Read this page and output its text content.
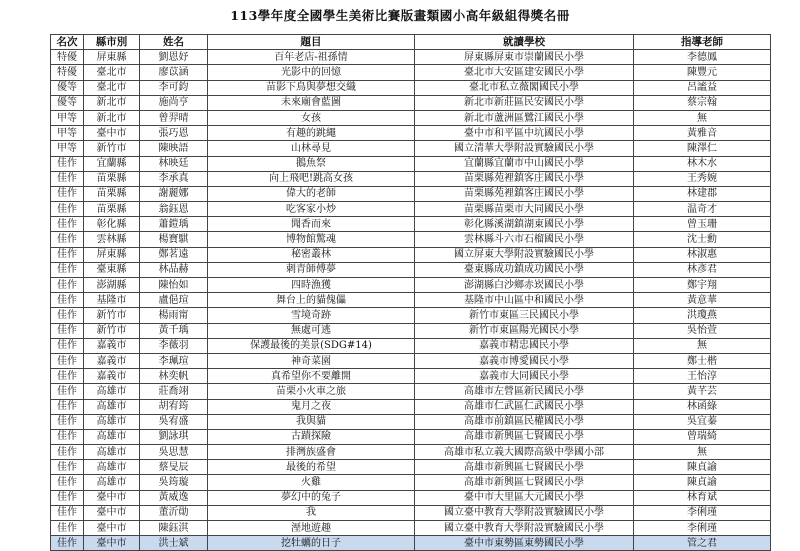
113學年度全國學生美術比賽版畫類國小高年級組得獎名冊
名次	縣市別	姓名	題目	就讀學校	指導老師
特優	屏東縣	劉恩妤	百年老店-祖孫情	屏東縣屏東市崇蘭國民小學	李德鳳
特優	臺北市	廖苡涵	光影中的回憶	臺北市大安區建安國民小學	陳豐元
優等	臺北市	李可鈞	苗影下鳥與夢想交織	臺北市私立薇閣國民小學	呂謐益
優等	新北市	施尚亨	未來廟會藍圖	新北市新莊區民安國民小學	蔡宗翰
甲等	新北市	曾羿晴	女孩	新北市蘆洲區鷺江國民小學	無
甲等	臺中市	張巧恩	有趣的跳繩	臺中市和平區中坑國民小學	黃雅音
甲等	新竹市	陳映語	山林尋見	國立清華大學附設實驗國民小學	陳澤仁
佳作	宜蘭縣	林映廷	鵝魚祭	宜蘭縣宜蘭市中山國民小學	林木水
佳作	苗栗縣	李承真	向上飛吧!跳高女孩	苗栗縣苑裡鎮客庄國民小學	王秀婉
佳作	苗栗縣	謝麗娜	偉大的老師	苗栗縣苑裡鎮客庄國民小學	林建郡
佳作	苗栗縣	翁鈺恩	吃客家小炒	苗栗縣苗栗市大同國民小學	温奇才
佳作	彰化縣	蕭鎧瑀	聞香而來	彰化縣溪湖鎮湖東國民小學	曾玉珊
佳作	雲林縣	楊寶騏	博物館驚魂	雲林縣斗六市石榴國民小學	沈士勳
佳作	屏東縣	鄭茗遠	秘密叢林	國立屏東大學附設實驗國民小學	林淑惠
佳作	臺東縣	林品赫	刺青師傅夢	臺東縣成功鎮成功國民小學	林彥君
佳作	澎湖縣	陳怡如	四時漁獲	澎湖縣白沙鄉赤崁國民小學	鄭宇翔
佳作	基隆市	盧俋瑄	舞台上的貓傀儡	基隆市中山區中和國民小學	黃意華
佳作	新竹市	楊雨甯	雪境奇跡	新竹市東區三民國民小學	洪瓊燕
佳作	新竹市	黃千瑀	無處可逃	新竹市東區陽光國民小學	吳怡萱
佳作	嘉義市	李薇羽	保護最後的美景(SDG#14)	嘉義市精忠國民小學	無
佳作	嘉義市	李珮瑄	神奇菜園	嘉義市博愛國民小學	鄭士楷
佳作	嘉義市	林奕帆	真希望你不要離開	嘉義市大同國民小學	王怡淳
佳作	高雄市	莊喬翊	苗栗小火車之旅	高雄市左營區新民國民小學	黃芊芸
佳作	高雄市	胡宥筠	鬼月之夜	高雄市仁武區仁武國民小學	林函綠
佳作	高雄市	吳宥盛	我與貓	高雄市前鎮區民權國民小學	吳宜蓁
佳作	高雄市	劉詠琪	古蹟探險	高雄市新興區七賢國民小學	曾瑞綺
佳作	高雄市	吳思慧	排灣族盛會	高雄市私立義大國際高級中學國小部	無
佳作	高雄市	蔡旻辰	最後的希望	高雄市新興區七賢國民小學	陳貞諭
佳作	高雄市	吳筠璇	火雞	高雄市新興區七賢國民小學	陳貞諭
佳作	臺中市	黃威逸	夢幻中的兔子	臺中市大里區大元國民小學	林育斌
佳作	臺中市	董沂勛	我	國立臺中教育大學附設實驗國民小學	李俐瑾
佳作	臺中市	陳鈺淇	溼地遊趣	國立臺中教育大學附設實驗國民小學	李俐瑾
佳作	臺中市	洪士斌	挖牡蠣的日子	臺中市東勢區東勢國民小學	管之君
